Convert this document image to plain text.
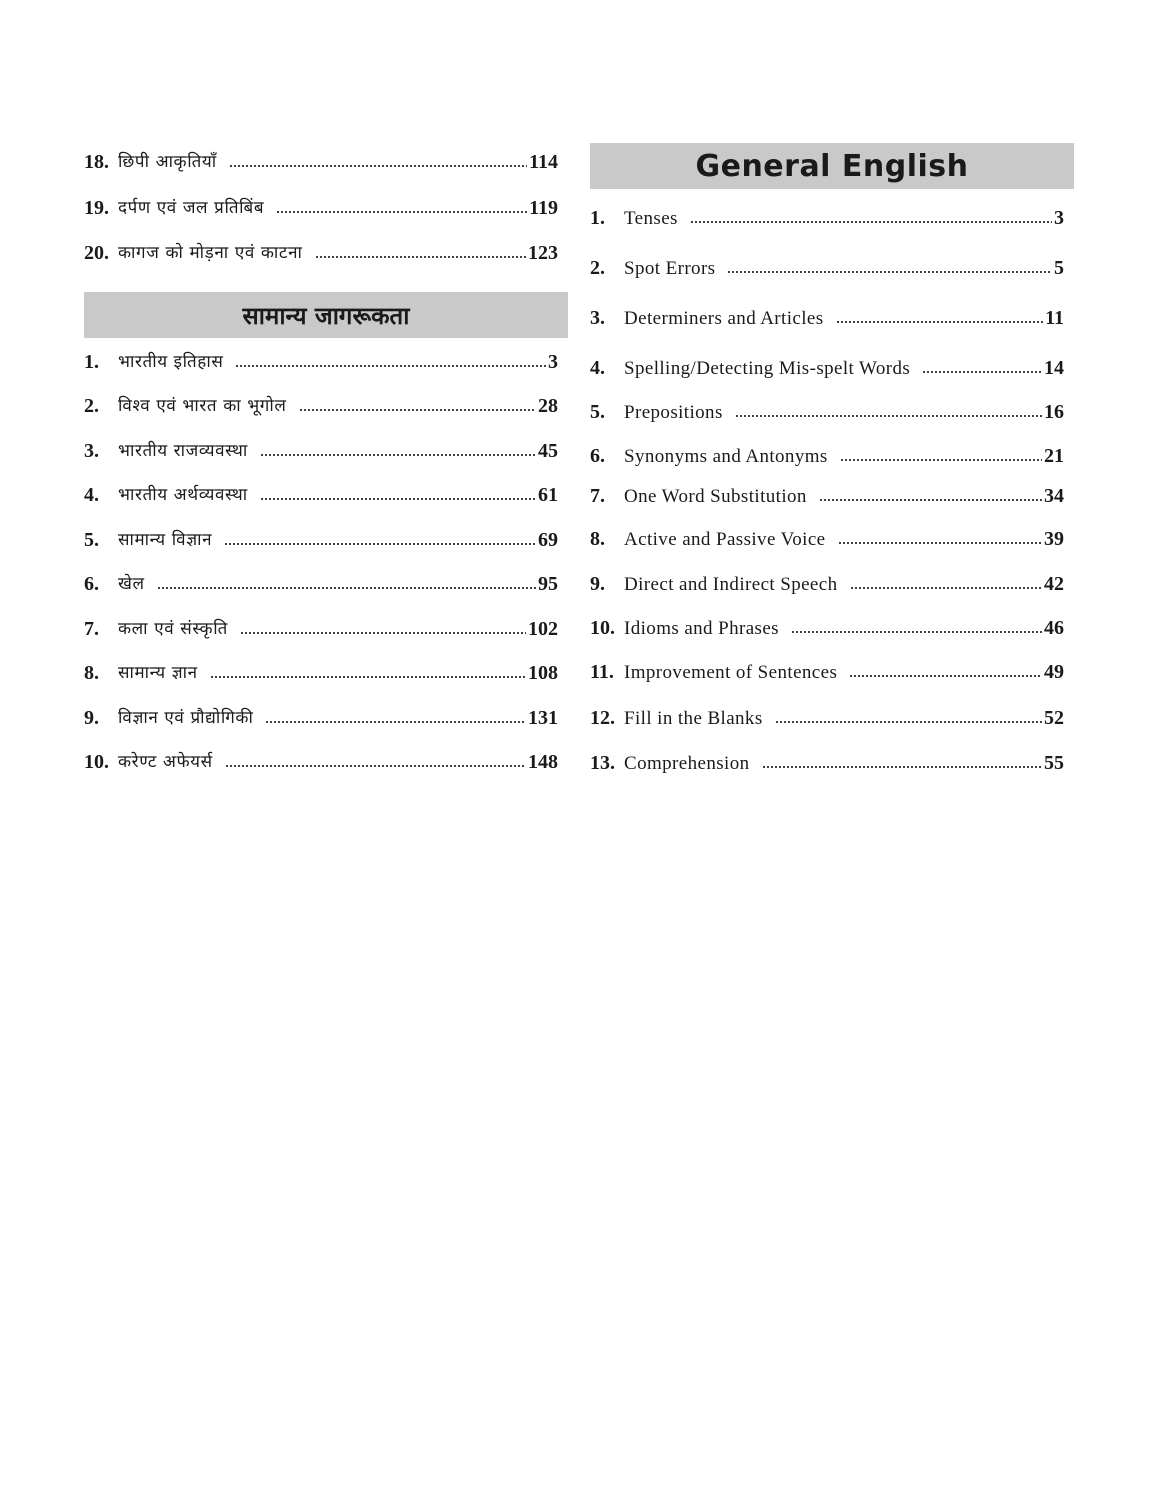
18. छिपी आकृतियाँ	114
19. दर्पण एवं जल प्रतिबिंब	119
20. कागज को मोड़ना एवं काटना	123
सामान्य जागरूकता
1.	भारतीय इतिहास	3
2.	विश्व एवं भारत का भूगोल	28
3.	भारतीय राजव्यवस्था	45
4.	भारतीय अर्थव्यवस्था	61
5.	सामान्य विज्ञान	69
6.	खेल	95
7.	कला एवं संस्कृति	102
8.	सामान्य ज्ञान	108
9.	विज्ञान एवं प्रौद्योगिकी	131
10. करेण्ट अफेयर्स	148
General English
1.	Tenses	3
2.	Spot Errors	5
3.	Determiners and Articles	11
4.	Spelling/Detecting Mis-spelt Words	14
5.	Prepositions	16
6.	Synonyms and Antonyms	21
7.	One Word Substitution	34
8.	Active and Passive Voice	39
9.	Direct and Indirect Speech	42
10. Idioms and Phrases	46
11. Improvement of Sentences	49
12. Fill in the Blanks	52
13. Comprehension	55
